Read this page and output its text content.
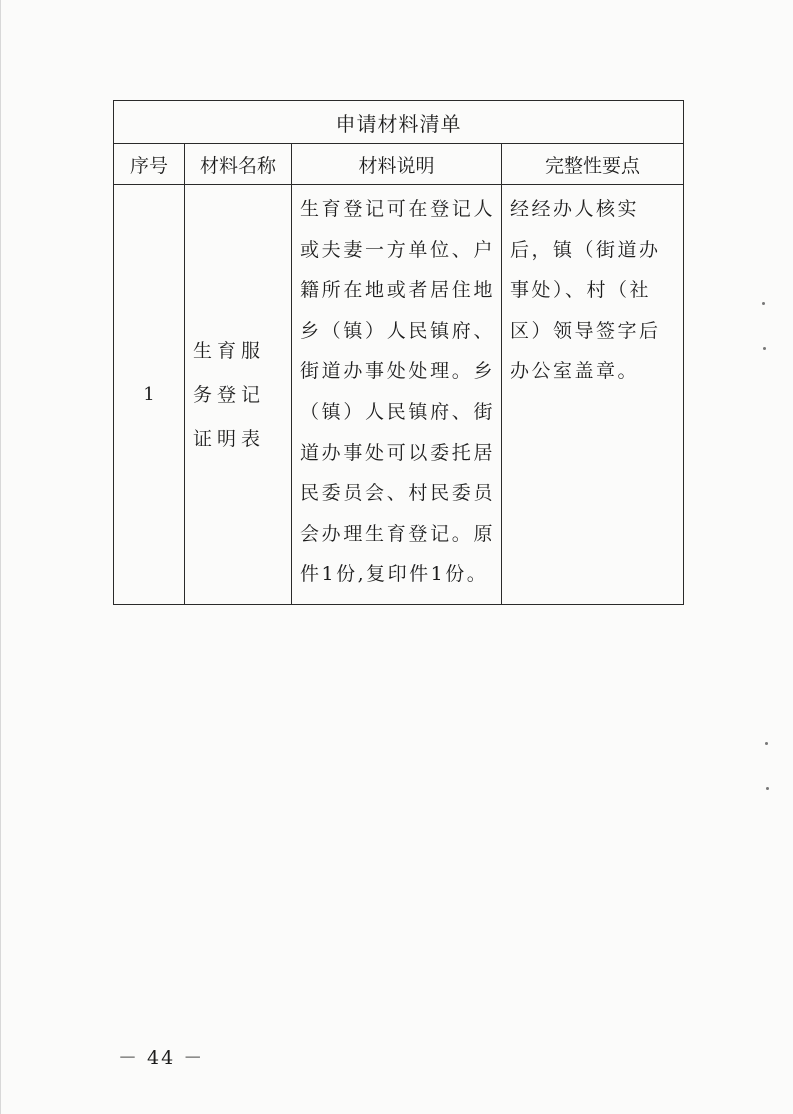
申请材料清单			
序号	材料名称	材料说明	完整性要点
1	生育服务登记证明表	生育登记可在登记人或夫妻一方单位、户籍所在地或者居住地乡（镇）人民镇府、街道办事处处理。乡（镇）人民镇府、街道办事处可以委托居民委员会、村民委员会办理生育登记。原件1份,复印件1份。	经经办人核实后，镇（街道办事处）、村（社区）领导签字后办公室盖章。
－ 44 －
